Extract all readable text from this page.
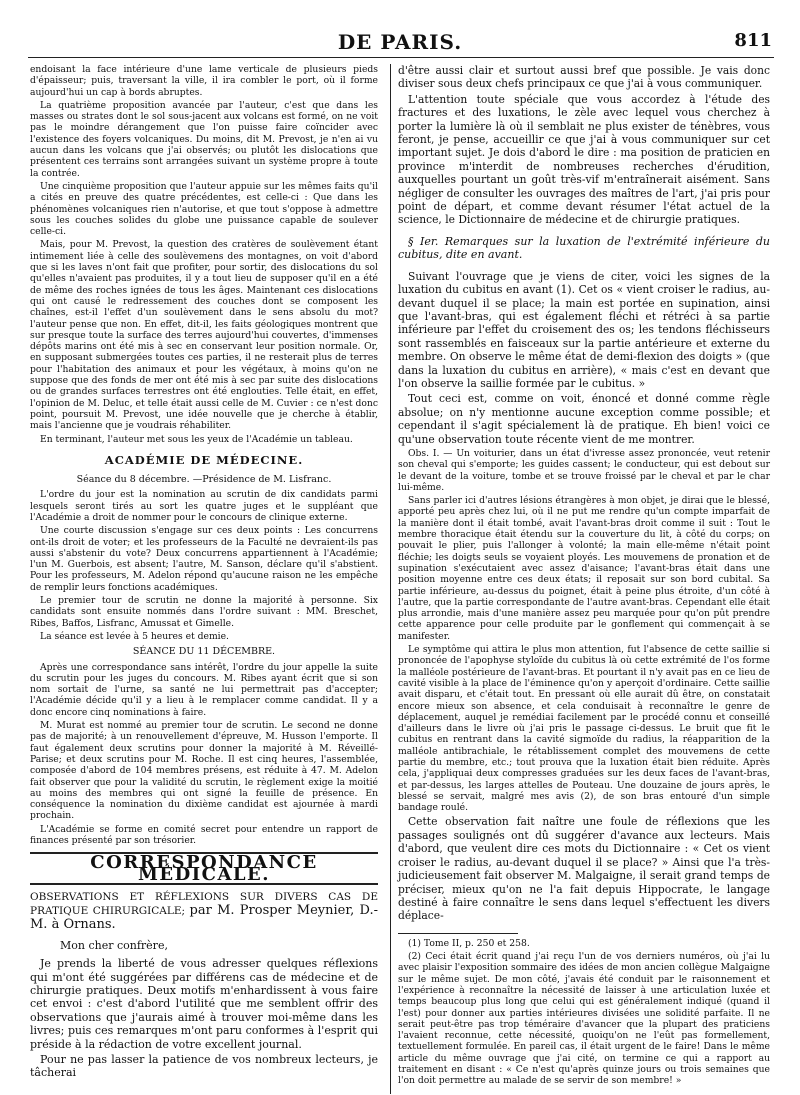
DE PARIS.	811

endoisant la face intérieure d'une lame verticale de plusieurs pieds d'épaisseur; puis, traversant la ville, il ira combler le port, où il forme aujourd'hui un cap à bords abruptes.

La quatrième proposition avancée par l'auteur, c'est que dans les masses ou strates dont le sol sous-jacent aux volcans est formé, on ne voit pas le moindre dérangement que l'on puisse faire coïncider avec l'existence des foyers volcaniques. Du moins, dit M. Prevost, je n'en ai vu aucun dans les volcans que j'ai observés; ou plutôt les dislocations que présentent ces terrains sont arrangées suivant un système propre à toute la contrée.

Une cinquième proposition que l'auteur appuie sur les mêmes faits qu'il a cités en preuve des quatre précédentes, est celle-ci : Que dans les phénomènes volcaniques rien n'autorise, et que tout s'oppose à admettre sous les couches solides du globe une puissance capable de soulever celle-ci.

Mais, pour M. Prevost, la question des cratères de soulèvement étant intimement liée à celle des soulèvemens des montagnes, on voit d'abord que si les laves n'ont fait que profiter, pour sortir, des dislocations du sol qu'elles n'avaient pas produites, il y a tout lieu de supposer qu'il en a été de même des roches ignées de tous les âges. Maintenant ces dislocations qui ont causé le redressement des couches dont se composent les chaînes, est-il l'effet d'un soulèvement dans le sens absolu du mot? l'auteur pense que non. En effet, dit-il, les faits géologiques montrent que sur presque toute la surface des terres aujourd'hui couvertes, d'immenses dépôts marins ont été mis à sec en conservant leur position normale. Or, en supposant submergées toutes ces parties, il ne resterait plus de terres pour l'habitation des animaux et pour les végétaux, à moins qu'on ne suppose que des fonds de mer ont été mis à sec par suite des dislocations ou de grandes surfaces terrestres ont été englouties. Telle était, en effet, l'opinion de M. Deluc, et telle était aussi celle de M. Cuvier : ce n'est donc point, poursuit M. Prevost, une idée nouvelle que je cherche à établir, mais l'ancienne que je voudrais réhabiliter.

En terminant, l'auteur met sous les yeux de l'Académie un tableau.

ACADÉMIE DE MÉDECINE.
Séance du 8 décembre. —Présidence de M. Lisfranc.

L'ordre du jour est la nomination au scrutin de dix candidats parmi lesquels seront tirés au sort les quatre juges et le suppléant que l'Académie a droit de nommer pour le concours de clinique externe.

Une courte discussion s'engage sur ces deux points : Les concurrens ont-ils droit de voter; et les professeurs de la Faculté ne devraient-ils pas aussi s'abstenir du vote? Deux concurrens appartiennent à l'Académie; l'un M. Guerbois, est absent; l'autre, M. Sanson, déclare qu'il s'abstient. Pour les professeurs, M. Adelon répond qu'aucune raison ne les empêche de remplir leurs fonctions académiques.

Le premier tour de scrutin ne donne la majorité à personne. Six candidats sont ensuite nommés dans l'ordre suivant : MM. Breschet, Ribes, Baffos, Lisfranc, Amussat et Gimelle.

La séance est levée à 5 heures et demie.

SÉANCE DU 11 DÉCEMBRE.

Après une correspondance sans intérêt, l'ordre du jour appelle la suite du scrutin pour les juges du concours. M. Ribes ayant écrit que si son nom sortait de l'urne, sa santé ne lui permettrait pas d'accepter; l'Académie décide qu'il y a lieu à le remplacer comme candidat. Il y a donc encore cinq nominations à faire.

M. Murat est nommé au premier tour de scrutin. Le second ne donne pas de majorité; à un renouvellement d'épreuve, M. Husson l'emporte. Il faut également deux scrutins pour donner la majorité à M. Réveillé-Parise; et deux scrutins pour M. Roche. Il est cinq heures, l'assemblée, composée d'abord de 104 membres présens, est réduite à 47. M. Adelon fait observer que pour la validité du scrutin, le règlement exige la moitié au moins des membres qui ont signé la feuille de présence. En conséquence la nomination du dixième candidat est ajournée à mardi prochain.

L'Académie se forme en comité secret pour entendre un rapport de finances présenté par son trésorier.

CORRESPONDANCE MÉDICALE.

OBSERVATIONS ET RÉFLEXIONS SUR DIVERS CAS DE PRATIQUE CHIRURGICALE; par M. Prosper Meynier, D.-M. à Ornans.

Mon cher confrère,

Je prends la liberté de vous adresser quelques réflexions qui m'ont été suggérées par différens cas de médecine et de chirurgie pratiques. Deux motifs m'enhardissent à vous faire cet envoi : c'est d'abord l'utilité que me semblent offrir des observations que j'aurais aimé à trouver moi-même dans les livres; puis ces remarques m'ont paru conformes à l'esprit qui préside à la rédaction de votre excellent journal.

Pour ne pas lasser la patience de vos nombreux lecteurs, je tâcherai

d'être aussi clair et surtout aussi bref que possible. Je vais donc diviser sous deux chefs principaux ce que j'ai à vous communiquer.

L'attention toute spéciale que vous accordez à l'étude des fractures et des luxations, le zèle avec lequel vous cherchez à porter la lumière là où il semblait ne plus exister de ténèbres, vous feront, je pense, accueillir ce que j'ai à vous communiquer sur cet important sujet. Je dois d'abord le dire : ma position de praticien en province m'interdit de nombreuses recherches d'érudition, auxquelles pourtant un goût très-vif m'entraînerait aisément. Sans négliger de consulter les ouvrages des maîtres de l'art, j'ai pris pour point de départ, et comme devant résumer l'état actuel de la science, le Dictionnaire de médecine et de chirurgie pratiques.

§ Ier. Remarques sur la luxation de l'extrémité inférieure du cubitus, dite en avant.

Suivant l'ouvrage que je viens de citer, voici les signes de la luxation du cubitus en avant (1). Cet os « vient croiser le radius, au-devant duquel il se place; la main est portée en supination, ainsi que l'avant-bras, qui est également fléchi et rétréci à sa partie inférieure par l'effet du croisement des os; les tendons fléchisseurs sont rassemblés en faisceaux sur la partie antérieure et externe du membre. On observe le même état de demi-flexion des doigts » (que dans la luxation du cubitus en arrière), « mais c'est en devant que l'on observe la saillie formée par le cubitus. »

Tout ceci est, comme on voit, énoncé et donné comme règle absolue; on n'y mentionne aucune exception comme possible; et cependant il s'agit spécialement là de pratique. Eh bien! voici ce qu'une observation toute récente vient de me montrer.

Obs. I. — Un voiturier, dans un état d'ivresse assez prononcée, veut retenir son cheval qui s'emporte; les guides cassent; le conducteur, qui est debout sur le devant de la voiture, tombe et se trouve froissé par le cheval et par le char lui-même.

Sans parler ici d'autres lésions étrangères à mon objet, je dirai que le blessé, apporté peu après chez lui, où il ne put me rendre qu'un compte imparfait de la manière dont il était tombé, avait l'avant-bras droit comme il suit : Tout le membre thoracique était étendu sur la couverture du lit, à côté du corps; on pouvait le plier, puis l'allonger à volonté; la main elle-même n'était point fléchie; les doigts seuls se voyaient ployés. Les mouvemens de pronation et de supination s'exécutaient avec assez d'aisance; l'avant-bras était dans une position moyenne entre ces deux états; il reposait sur son bord cubital. Sa partie inférieure, au-dessus du poignet, était à peine plus étroite, d'un côté à l'autre, que la partie correspondante de l'autre avant-bras. Cependant elle était plus arrondie, mais d'une manière assez peu marquée pour qu'on pût prendre cette apparence pour celle produite par le gonflement qui commençait à se manifester.

Le symptôme qui attira le plus mon attention, fut l'absence de cette saillie si prononcée de l'apophyse styloïde du cubitus là où cette extrémité de l'os forme la malléole postérieure de l'avant-bras. Et pourtant il n'y avait pas en ce lieu de cavité visible à la place de l'éminence qu'on y aperçoit d'ordinaire. Cette saillie avait disparu, et c'était tout. En pressant où elle aurait dû être, on constatait encore mieux son absence, et cela conduisait à reconnaître le genre de déplacement, auquel je remédiai facilement par le procédé connu et conseillé d'ailleurs dans le livre où j'ai pris le passage ci-dessus. Le bruit que fit le cubitus en rentrant dans la cavité sigmoïde du radius, la réapparition de la malléole antibrachiale, le rétablissement complet des mouvemens de cette partie du membre, etc.; tout prouva que la luxation était bien réduite. Après cela, j'appliquai deux compresses graduées sur les deux faces de l'avant-bras, et par-dessus, les larges attelles de Pouteau. Une douzaine de jours après, le blessé se servait, malgré mes avis (2), de son bras entouré d'un simple bandage roulé.

Cette observation fait naître une foule de réflexions que les passages soulignés ont dû suggérer d'avance aux lecteurs. Mais d'abord, que veulent dire ces mots du Dictionnaire : « Cet os vient croiser le radius, au-devant duquel il se place? » Ainsi que l'a très-judicieusement fait observer M. Malgaigne, il serait grand temps de préciser, mieux qu'on ne l'a fait depuis Hippocrate, le langage destiné à faire connaître le sens dans lequel s'effectuent les divers déplace-

(1) Tome II, p. 250 et 258.

(2) Ceci était écrit quand j'ai reçu l'un de vos derniers numéros, où j'ai lu avec plaisir l'exposition sommaire des idées de mon ancien collègue Malgaigne sur le même sujet. De mon côté, j'avais été conduit par le raisonnement et l'expérience à reconnaître la nécessité de laisser à une articulation luxée et temps beaucoup plus long que celui qui est généralement indiqué (quand il l'est) pour donner aux parties intérieures divisées une solidité parfaite. Il ne serait peut-être pas trop téméraire d'avancer que la plupart des praticiens l'avaient reconnue, cette nécessité, quoiqu'on ne l'eût pas formellement, textuellement formulée. En pareil cas, il était urgent de le faire! Dans le même article du même ouvrage que j'ai cité, on termine ce qui a rapport au traitement en disant : « Ce n'est qu'après quinze jours ou trois semaines que l'on doit permettre au malade de se servir de son membre! »
